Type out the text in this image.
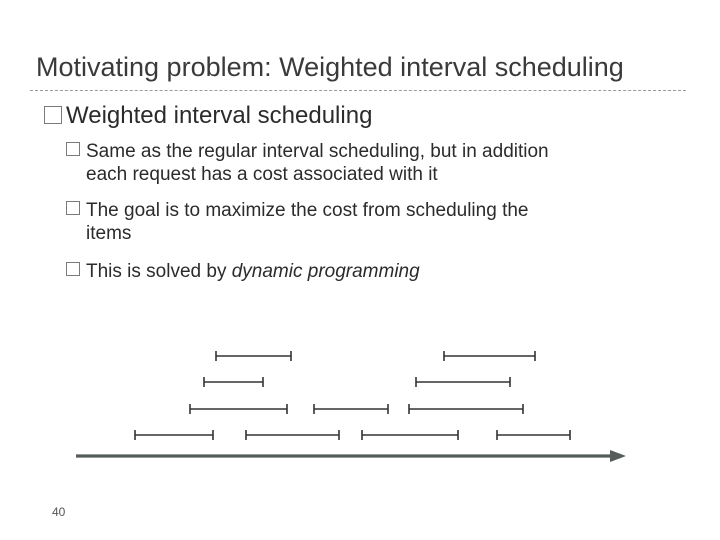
Motivating problem: Weighted interval scheduling
Weighted interval scheduling
Same as the regular interval scheduling, but in addition
each request has a cost associated with it
The goal is to maximize the cost from scheduling the
items
This is solved by dynamic programming
40
